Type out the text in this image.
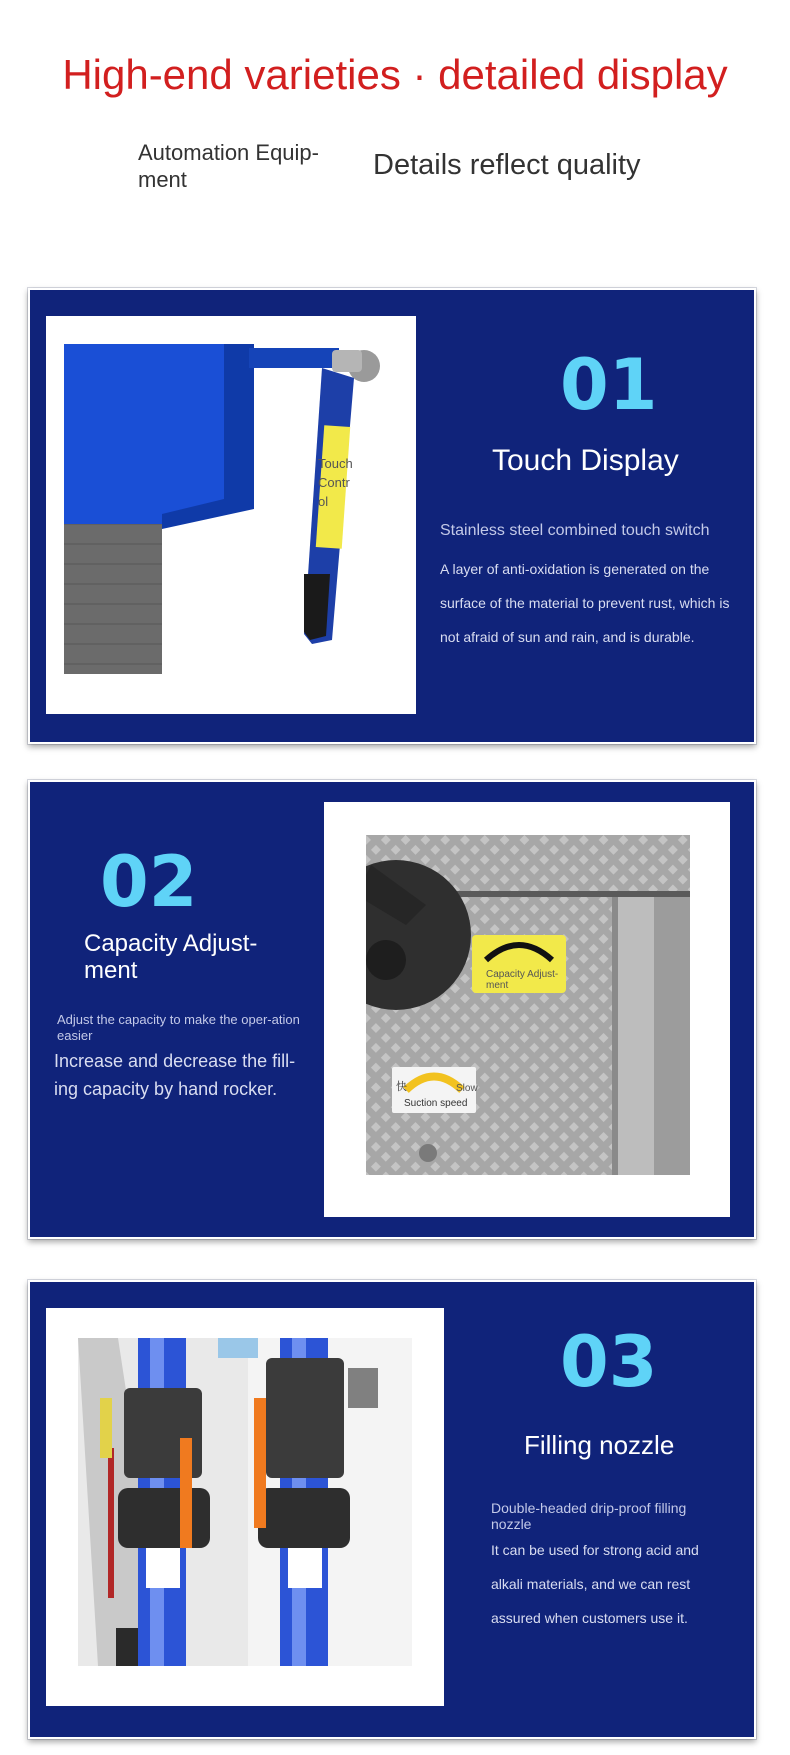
High-end varieties · detailed display
Automation Equip-ment	Details reflect quality
Touch Control
01
Touch Display
Stainless steel combined touch switch
A layer of anti-oxidation is generated on the surface of the material to prevent rust, which is not afraid of sun and rain, and is durable.
02
Capacity Adjust-ment
Adjust the capacity to make the oper-ation easier
Increase and decrease the fill-ing capacity by hand rocker.
Capacity Adjust-ment
快	Slow
Suction speed
03
Filling nozzle
Double-headed drip-proof filling nozzle
It can be used for strong acid and alkali materials, and we can rest assured when customers use it.
